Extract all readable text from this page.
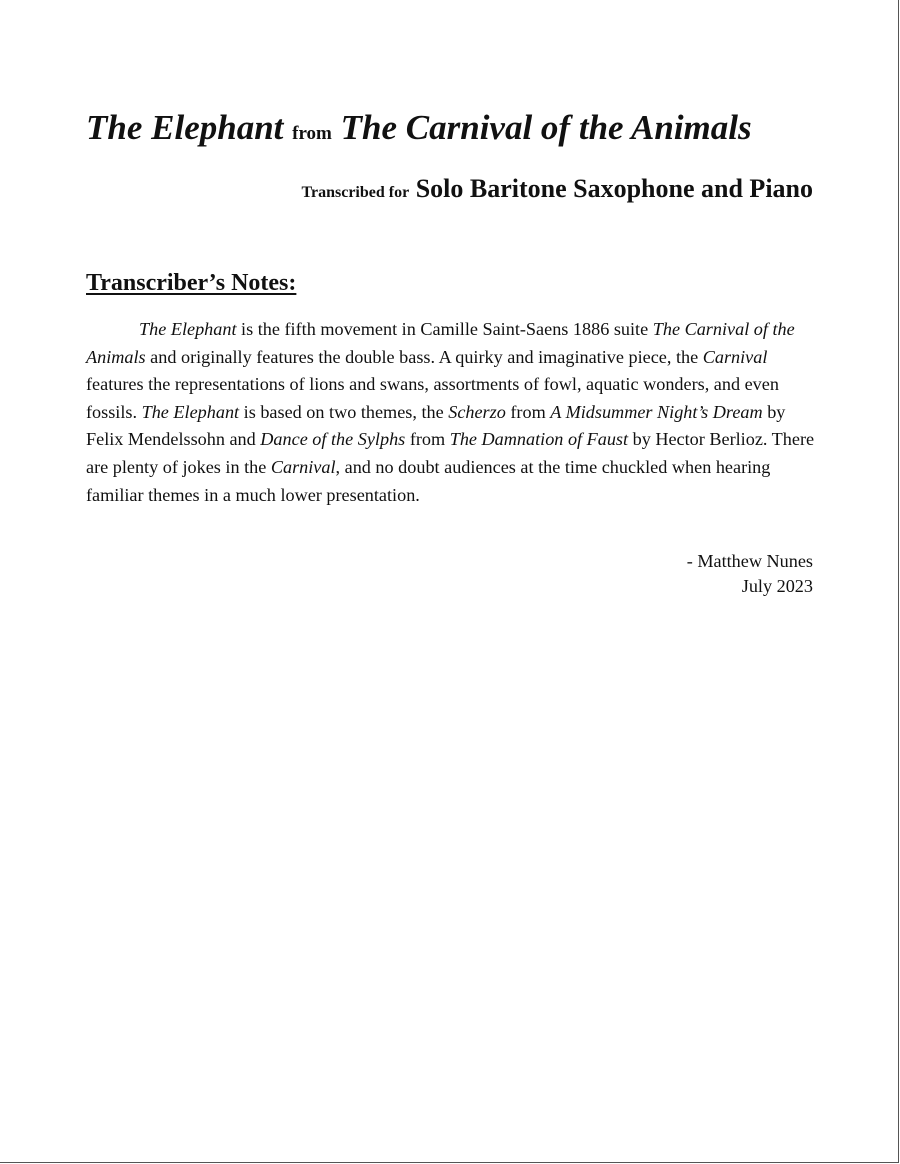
The Elephant from The Carnival of the Animals
Transcribed for Solo Baritone Saxophone and Piano
Transcriber’s Notes:

The Elephant is the fifth movement in Camille Saint-Saens 1886 suite The Carnival of the Animals and originally features the double bass. A quirky and imaginative piece, the Carnival features the representations of lions and swans, assortments of fowl, aquatic wonders, and even fossils. The Elephant is based on two themes, the Scherzo from A Midsummer Night’s Dream by Felix Mendelssohn and Dance of the Sylphs from The Damnation of Faust by Hector Berlioz. There are plenty of jokes in the Carnival, and no doubt audiences at the time chuckled when hearing familiar themes in a much lower presentation.

- Matthew Nunes
July 2023
